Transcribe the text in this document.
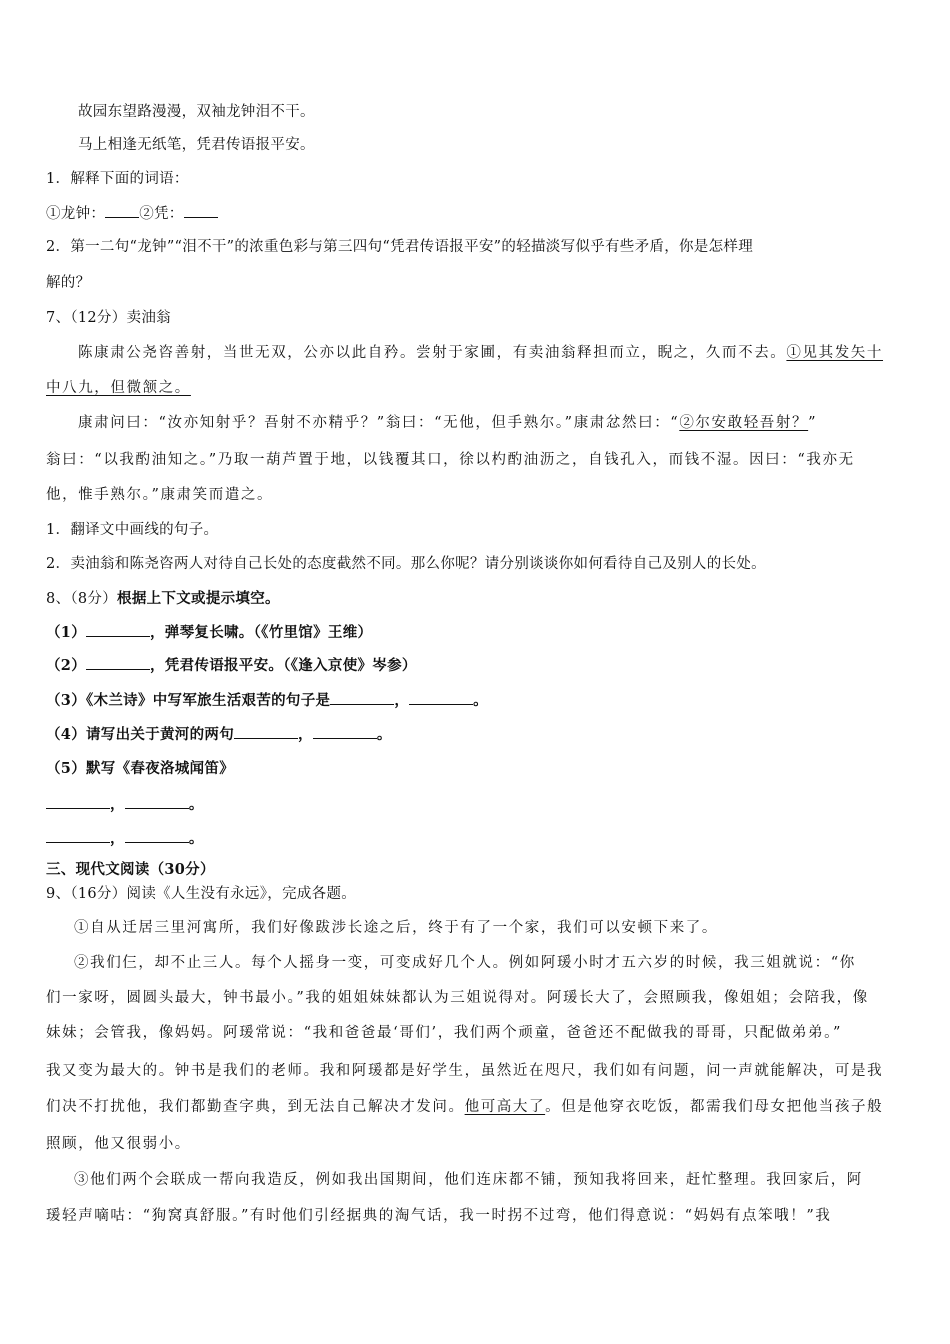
故园东望路漫漫，双袖龙钟泪不干。
马上相逢无纸笔，凭君传语报平安。
1．解释下面的词语：
①龙钟： ②凭：
2．第一二句“龙钟”“泪不干”的浓重色彩与第三四句“凭君传语报平安”的轻描淡写似乎有些矛盾，你是怎样理
解的？
7、（12分）卖油翁
陈康肃公尧咨善射，当世无双，公亦以此自矜。尝射于家圃，有卖油翁释担而立，睨之，久而不去。①见其发矢十
中八九，但微颔之。
康肃问曰：“汝亦知射乎？吾射不亦精乎？”翁曰：“无他，但手熟尔。”康肃忿然曰：“②尔安敢轻吾射？”
翁曰：“以我酌油知之。”乃取一葫芦置于地，以钱覆其口，徐以杓酌油沥之，自钱孔入，而钱不湿。因曰：“我亦无
他，惟手熟尔。”康肃笑而遣之。
1．翻译文中画线的句子。
2．卖油翁和陈尧咨两人对待自己长处的态度截然不同。那么你呢？请分别谈谈你如何看待自己及别人的长处。
8、（8分）根据上下文或提示填空。
（1）	，弹琴复长啸。（《竹里馆》王维）
（2）	，凭君传语报平安。（《逢入京使》岑参）
（3）《木兰诗》中写军旅生活艰苦的句子是	，	。
（4）请写出关于黄河的两句	，	。
（5）默写《春夜洛城闻笛》
，	。
，	。
三、现代文阅读（30分）
9、（16分）阅读《人生没有永远》，完成各题。
①自从迁居三里河寓所，我们好像跋涉长途之后，终于有了一个家，我们可以安顿下来了。
②我们仨，却不止三人。每个人摇身一变，可变成好几个人。例如阿瑗小时才五六岁的时候，我三姐就说：“你
们一家呀，圆圆头最大，钟书最小。”我的姐姐妹妹都认为三姐说得对。阿瑗长大了，会照顾我，像姐姐；会陪我，像
妹妹；会管我，像妈妈。阿瑗常说：“我和爸爸最‘哥们’，我们两个顽童，爸爸还不配做我的哥哥，只配做弟弟。”
我又变为最大的。钟书是我们的老师。我和阿瑗都是好学生，虽然近在咫尺，我们如有问题，问一声就能解决，可是我
们决不打扰他，我们都勤查字典，到无法自己解决才发问。他可高大了。但是他穿衣吃饭，都需我们母女把他当孩子般
照顾，他又很弱小。
③他们两个会联成一帮向我造反，例如我出国期间，他们连床都不铺，预知我将回来，赶忙整理。我回家后，阿
瑗轻声嘀咕：“狗窝真舒服。”有时他们引经据典的淘气话，我一时拐不过弯，他们得意说：“妈妈有点笨哦！”我
